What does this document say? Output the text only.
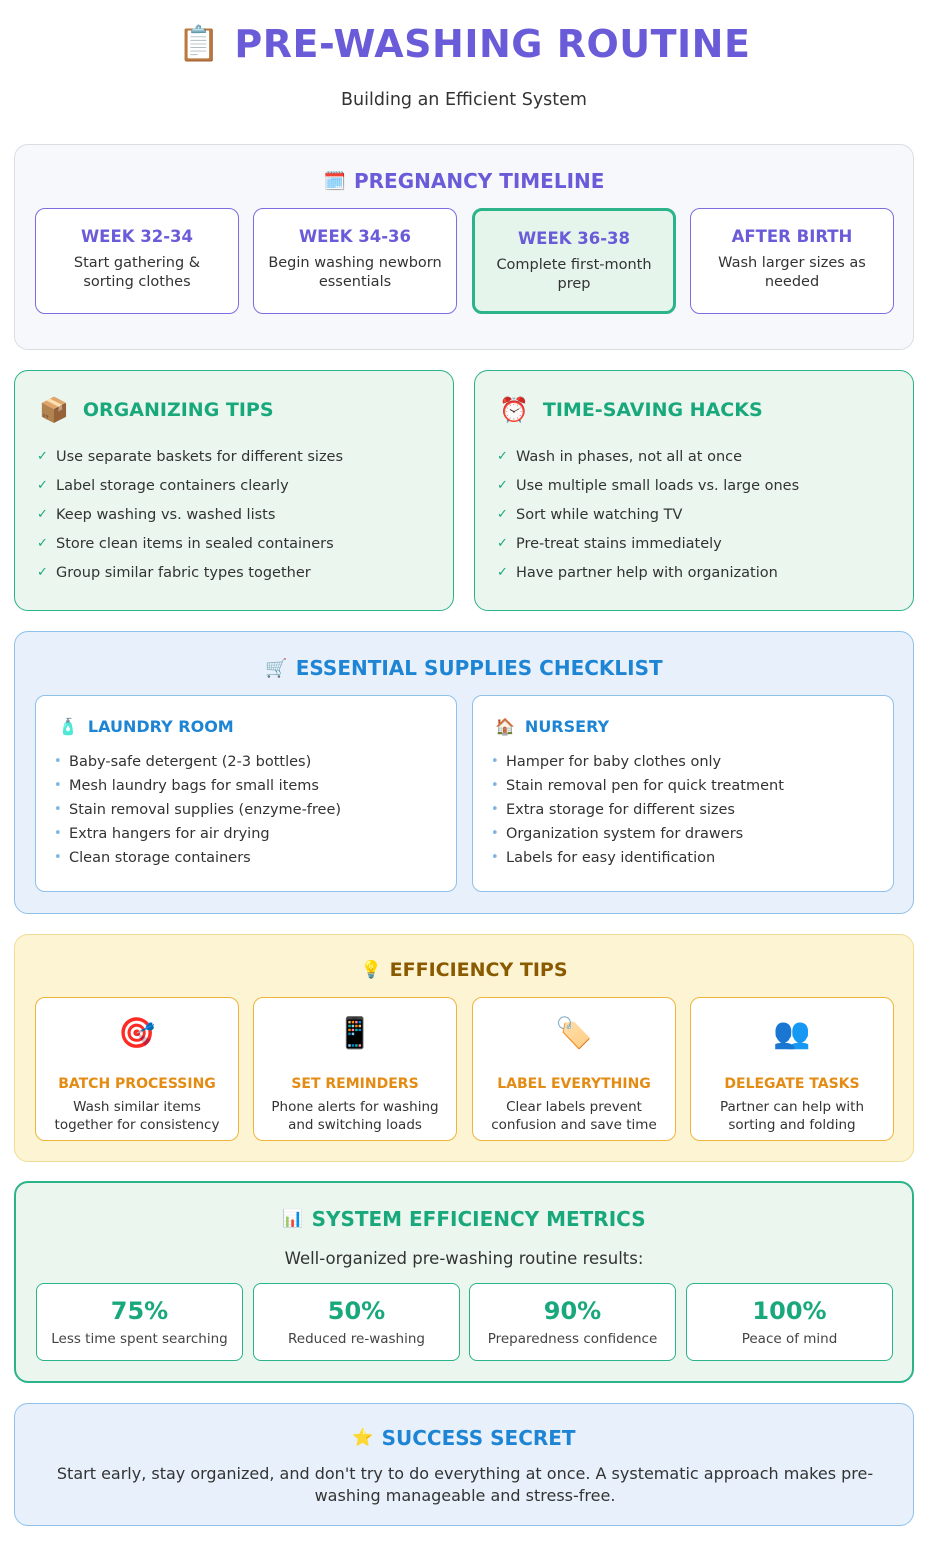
📋 PRE-WASHING ROUTINE
Building an Efficient System
🗓️ PREGNANCY TIMELINE
WEEK 32-34
Start gathering & sorting clothes
WEEK 34-36
Begin washing newborn essentials
WEEK 36-38
Complete first-month prep
AFTER BIRTH
Wash larger sizes as needed
📦 ORGANIZING TIPS
✓ Use separate baskets for different sizes
✓ Label storage containers clearly
✓ Keep washing vs. washed lists
✓ Store clean items in sealed containers
✓ Group similar fabric types together
⏰ TIME-SAVING HACKS
✓ Wash in phases, not all at once
✓ Use multiple small loads vs. large ones
✓ Sort while watching TV
✓ Pre-treat stains immediately
✓ Have partner help with organization
🛒 ESSENTIAL SUPPLIES CHECKLIST
🧴 LAUNDRY ROOM
• Baby-safe detergent (2-3 bottles)
• Mesh laundry bags for small items
• Stain removal supplies (enzyme-free)
• Extra hangers for air drying
• Clean storage containers
🏠 NURSERY
• Hamper for baby clothes only
• Stain removal pen for quick treatment
• Extra storage for different sizes
• Organization system for drawers
• Labels for easy identification
💡 EFFICIENCY TIPS
🎯
BATCH PROCESSING
Wash similar items together for consistency
📱
SET REMINDERS
Phone alerts for washing and switching loads
🏷️
LABEL EVERYTHING
Clear labels prevent confusion and save time
👥
DELEGATE TASKS
Partner can help with sorting and folding
📊 SYSTEM EFFICIENCY METRICS
Well-organized pre-washing routine results:
75%
Less time spent searching
50%
Reduced re-washing
90%
Preparedness confidence
100%
Peace of mind
⭐ SUCCESS SECRET
Start early, stay organized, and don't try to do everything at once. A systematic approach makes pre-washing manageable and stress-free.
